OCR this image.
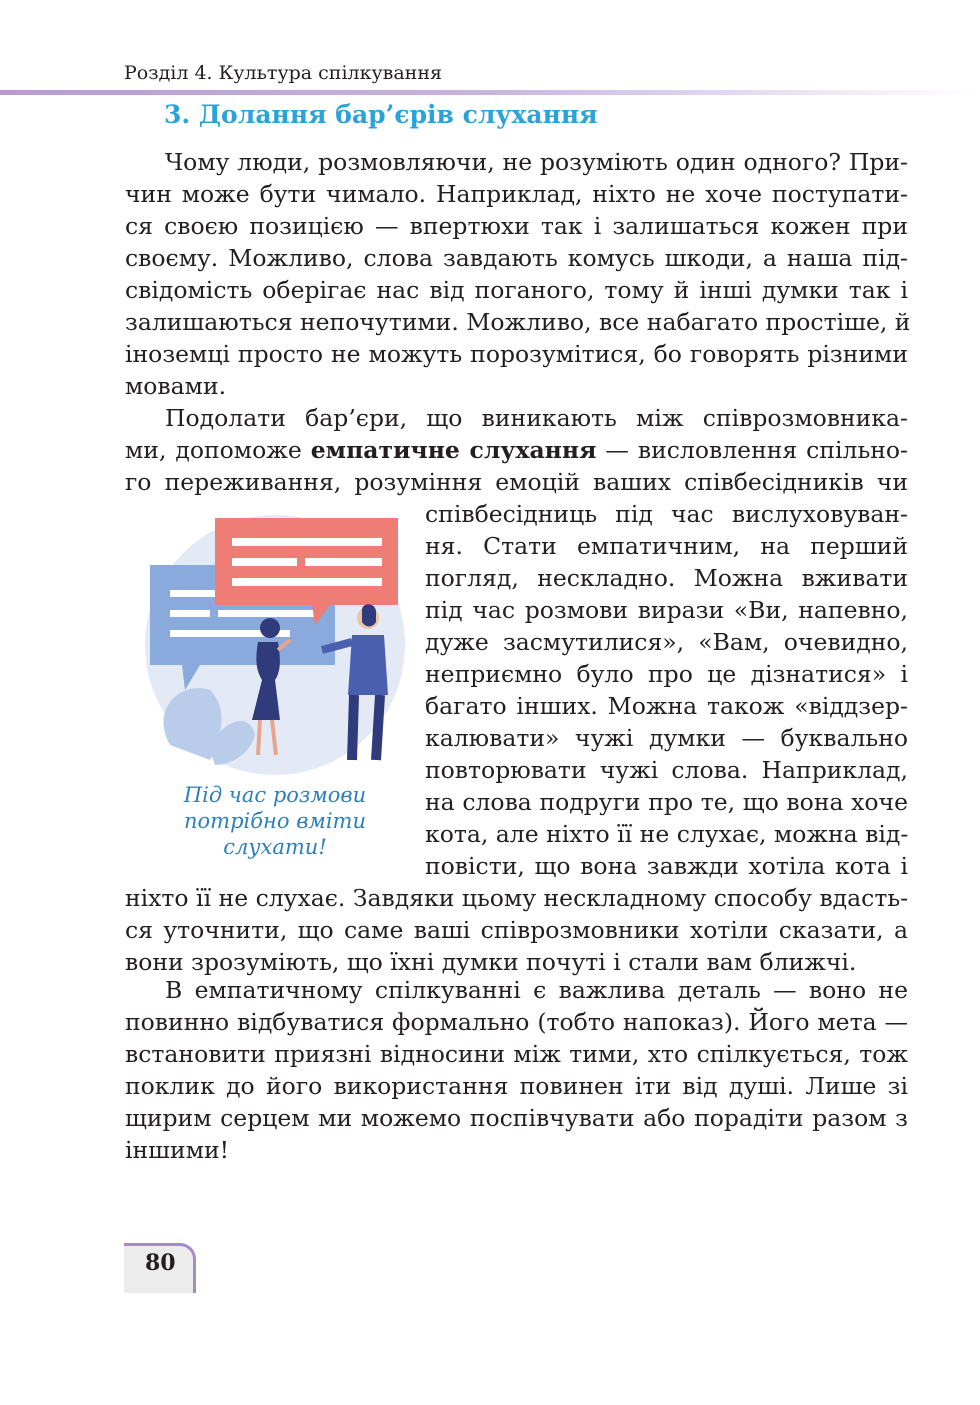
Розділ 4. Культура спілкування
3. Долання бар’єрів слухання
Чому люди, розмовляючи, не розуміють один одного? При-
чин може бути чимало. Наприклад, ніхто не хоче поступати-
ся своєю позицією — впертюхи так і залишаться кожен при
своєму. Можливо, слова завдають комусь шкоди, а наша під-
свідомість оберігає нас від поганого, тому й інші думки так і
залишаються непочутими. Можливо, все набагато простіше, й
іноземці просто не можуть порозумітися, бо говорять різними
мовами.
Подолати бар’єри, що виникають між співрозмовника-
ми, допоможе емпатичне слухання — висловлення спільно-
го переживання, розуміння емоцій ваших співбесідників чи
Під час розмови
потрібно вміти
слухати!
співбесідниць під час вислуховуван-
ня. Стати емпатичним, на перший
погляд, нескладно. Можна вживати
під час розмови вирази «Ви, напевно,
дуже засмутилися», «Вам, очевидно,
неприємно було про це дізнатися» і
багато інших. Можна також «віддзер-
калювати» чужі думки — буквально
повторювати чужі слова. Наприклад,
на слова подруги про те, що вона хоче
кота, але ніхто її не слухає, можна від-
повісти, що вона завжди хотіла кота і
ніхто її не слухає. Завдяки цьому нескладному способу вдасть-
ся уточнити, що саме ваші співрозмовники хотіли сказати, а
вони зрозуміють, що їхні думки почуті і стали вам ближчі.
В емпатичному спілкуванні є важлива деталь — воно не
повинно відбуватися формально (тобто напоказ). Його мета —
встановити приязні відносини між тими, хто спілкується, тож
поклик до його використання повинен іти від душі. Лише зі
щирим серцем ми можемо поспівчувати або порадіти разом з
іншими!
80
